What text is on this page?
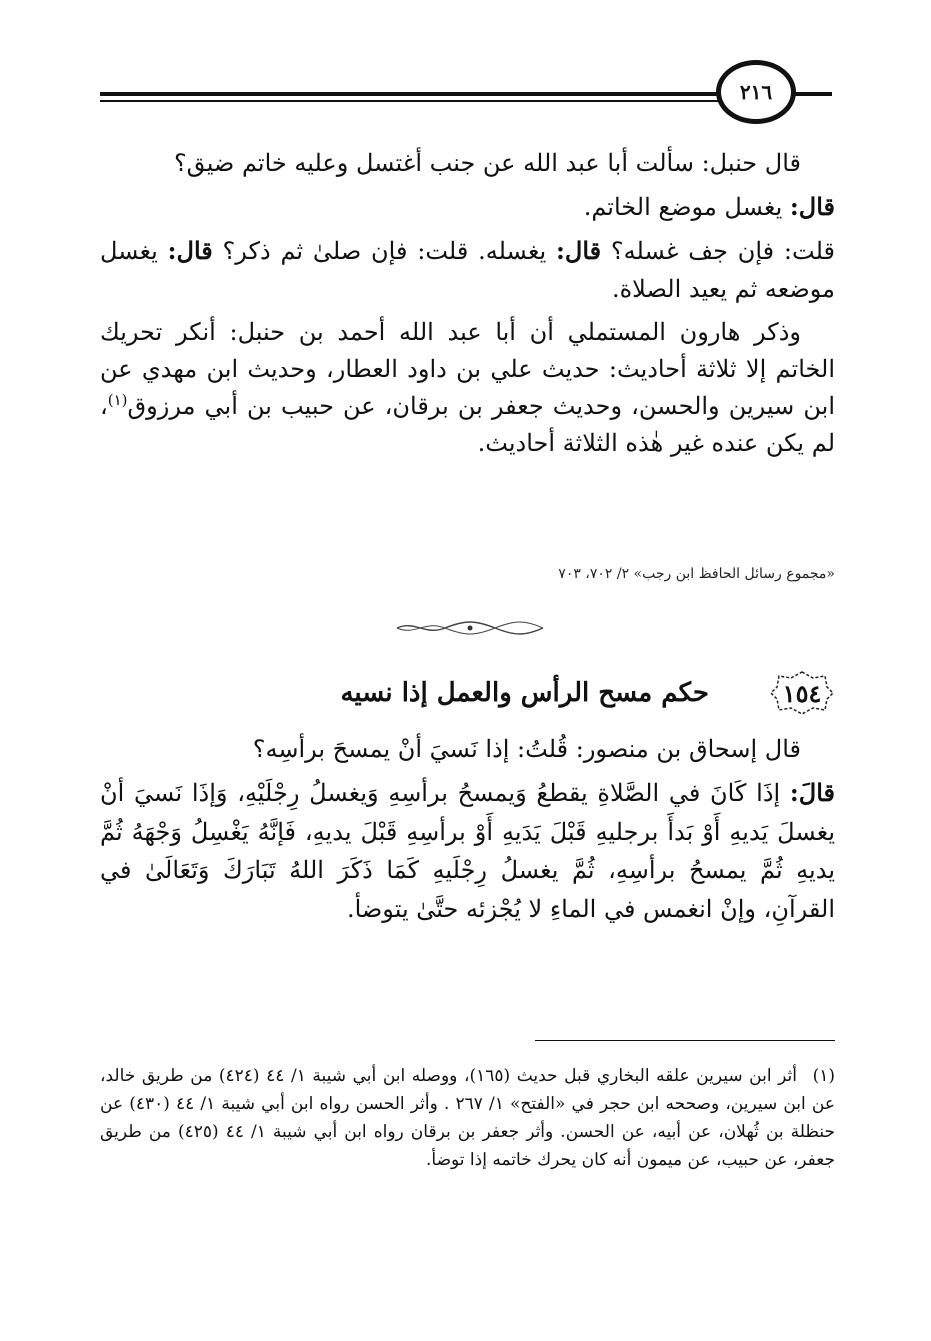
٢١٦

قال حنبل: سألت أبا عبد الله عن جنب أغتسل وعليه خاتم ضيق؟

قال: يغسل موضع الخاتم.

قلت: فإن جف غسله؟ قال: يغسله. قلت: فإن صلىٰ ثم ذكر؟ قال: يغسل موضعه ثم يعيد الصلاة.

وذكر هارون المستملي أن أبا عبد الله أحمد بن حنبل: أنكر تحريك الخاتم إلا ثلاثة أحاديث: حديث علي بن داود العطار، وحديث ابن مهدي عن ابن سيرين والحسن، وحديث جعفر بن برقان، عن حبيب بن أبي مرزوق$^{(١)}$، لم يكن عنده غير هٰذه الثلاثة أحاديث.

«مجموع رسائل الحافظ ابن رجب» ٢/ ٧٠٢، ٧٠٣
١٥٤
حكم مسح الرأس والعمل إذا نسيه

قال إسحاق بن منصور: قُلتُ: إذا نَسيَ أنْ يمسحَ برأسِه؟

قالَ: إذَا كَانَ في الصَّلاةِ يقطعُ وَيمسحُ برأسِهِ وَيغسلُ رِجْلَيْهِ، وَإذَا نَسيَ أنْ يغسلَ يَديهِ أَوْ بَدأَ برجليهِ قَبْلَ يَدَيهِ أَوْ برأسِهِ قَبْلَ يديهِ، فَإنَّهُ يَغْسِلُ وَجْهَهُ ثُمَّ يديهِ ثُمَّ يمسحُ برأسِهِ، ثُمَّ يغسلُ رِجْلَيهِ كَمَا ذَكَرَ اللهُ تَبَارَكَ وَتَعَالَىٰ في القرآنِ، وإنْ انغمس في الماءِ لا يُجْزئه حتَّىٰ يتوضأ.

(١)أثر ابن سيرين علقه البخاري قبل حديث (١٦٥)، ووصله ابن أبي شيبة ١/ ٤٤ (٤٢٤) من طريق خالد، عن ابن سيرين، وصححه ابن حجر في «الفتح» ١/ ٢٦٧ . وأثر الحسن رواه ابن أبي شيبة ١/ ٤٤ (٤٣٠) عن حنظلة بن ثُهلان، عن أبيه، عن الحسن. وأثر جعفر بن برقان رواه ابن أبي شيبة ١/ ٤٤ (٤٢٥) من طريق جعفر، عن حبيب، عن ميمون أنه كان يحرك خاتمه إذا توضأ.
